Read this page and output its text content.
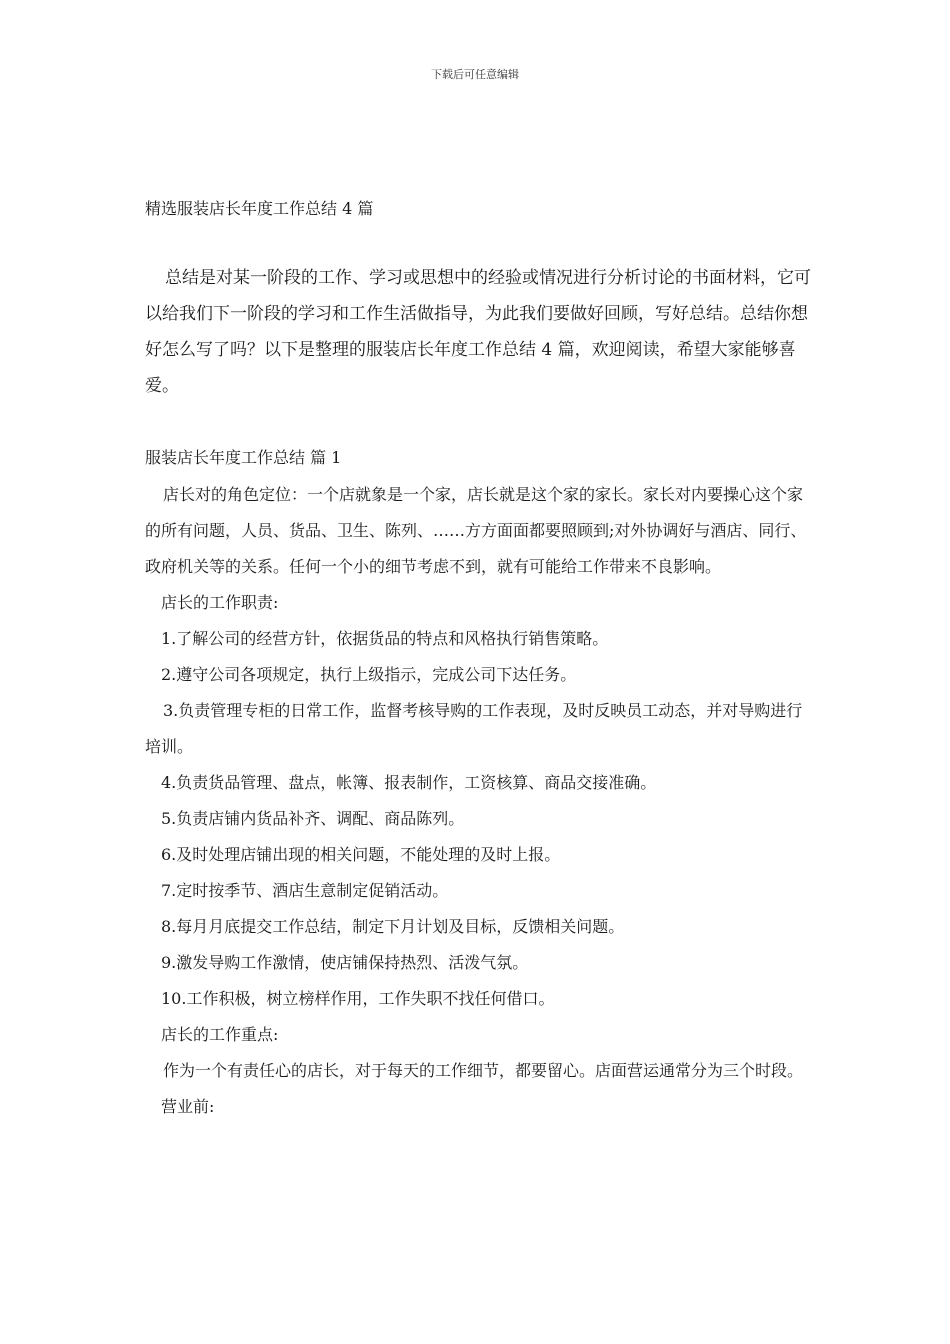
下载后可任意编辑
精选服装店长年度工作总结 4 篇

总结是对某一阶段的工作、学习或思想中的经验或情况进行分析讨论的书面材料，它可以给我们下一阶段的学习和工作生活做指导，为此我们要做好回顾，写好总结。总结你想好怎么写了吗？以下是整理的服装店长年度工作总结 4 篇，欢迎阅读，希望大家能够喜爱。

服装店长年度工作总结 篇 1

店长对的角色定位：一个店就象是一个家，店长就是这个家的家长。家长对内要操心这个家的所有问题，人员、货品、卫生、陈列、……方方面面都要照顾到;对外协调好与酒店、同行、政府机关等的关系。任何一个小的细节考虑不到，就有可能给工作带来不良影响。

店长的工作职责:

1.了解公司的经营方针，依据货品的特点和风格执行销售策略。

2.遵守公司各项规定，执行上级指示，完成公司下达任务。

3.负责管理专柜的日常工作，监督考核导购的工作表现，及时反映员工动态，并对导购进行培训。

4.负责货品管理、盘点，帐簿、报表制作，工资核算、商品交接准确。

5.负责店铺内货品补齐、调配、商品陈列。

6.及时处理店铺出现的相关问题，不能处理的及时上报。

7.定时按季节、酒店生意制定促销活动。

8.每月月底提交工作总结，制定下月计划及目标，反馈相关问题。

9.激发导购工作激情，使店铺保持热烈、活泼气氛。

10.工作积极，树立榜样作用，工作失职不找任何借口。

店长的工作重点:

作为一个有责任心的店长，对于每天的工作细节，都要留心。店面营运通常分为三个时段。

营业前:
